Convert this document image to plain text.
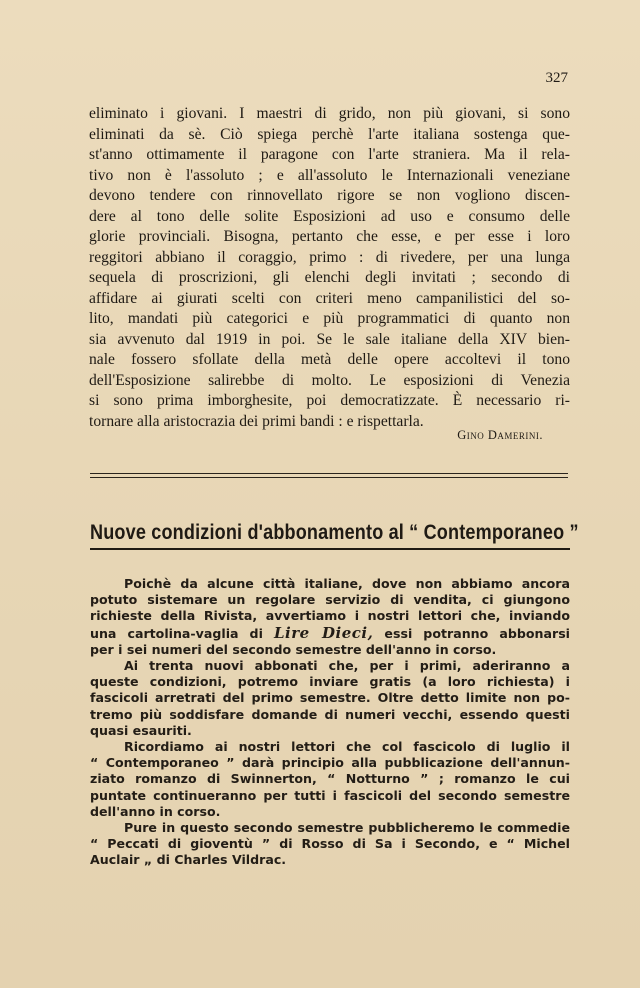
327
eliminato i giovani. I maestri di grido, non più giovani, si sono
eliminati da sè. Ciò spiega perchè l'arte italiana sostenga que-
st'anno ottimamente il paragone con l'arte straniera. Ma il rela-
tivo non è l'assoluto ; e all'assoluto le Internazionali veneziane
devono tendere con rinnovellato rigore se non vogliono discen-
dere al tono delle solite Esposizioni ad uso e consumo delle
glorie provinciali. Bisogna, pertanto che esse, e per esse i loro
reggitori abbiano il coraggio, primo : di rivedere, per una lunga
sequela di proscrizioni, gli elenchi degli invitati ; secondo di
affidare ai giurati scelti con criteri meno campanilistici del so-
lito, mandati più categorici e più programmatici di quanto non
sia avvenuto dal 1919 in poi. Se le sale italiane della XIV bien-
nale fossero sfollate della metà delle opere accoltevi il tono
dell'Esposizione salirebbe di molto. Le esposizioni di Venezia
si sono prima imborghesite, poi democratizzate. È necessario ri-
tornare alla aristocrazia dei primi bandi : e rispettarla.
Gino Damerini.
Nuove condizioni d'abbonamento al “ Contemporaneo ”
Poichè da alcune città italiane, dove non abbiamo ancora
potuto sistemare un regolare servizio di vendita, ci giungono
richieste della Rivista, avvertiamo i nostri lettori che, inviando
una cartolina-vaglia di Lire Dieci, essi potranno abbonarsi
per i sei numeri del secondo semestre dell'anno in corso.
Ai trenta nuovi abbonati che, per i primi, aderiranno a
queste condizioni, potremo inviare gratis (a loro richiesta) i
fascicoli arretrati del primo semestre. Oltre detto limite non po-
tremo più soddisfare domande di numeri vecchi, essendo questi
quasi esauriti.
Ricordiamo ai nostri lettori che col fascicolo di luglio il
“ Contemporaneo ” darà principio alla pubblicazione dell'annun-
ziato romanzo di Swinnerton, “ Notturno ” ; romanzo le cui
puntate continueranno per tutti i fascicoli del secondo semestre
dell'anno in corso.
Pure in questo secondo semestre pubblicheremo le commedie
“ Peccati di gioventù ” di Rosso di Sa i Secondo, e “ Michel
Auclair „ di Charles Vildrac.
